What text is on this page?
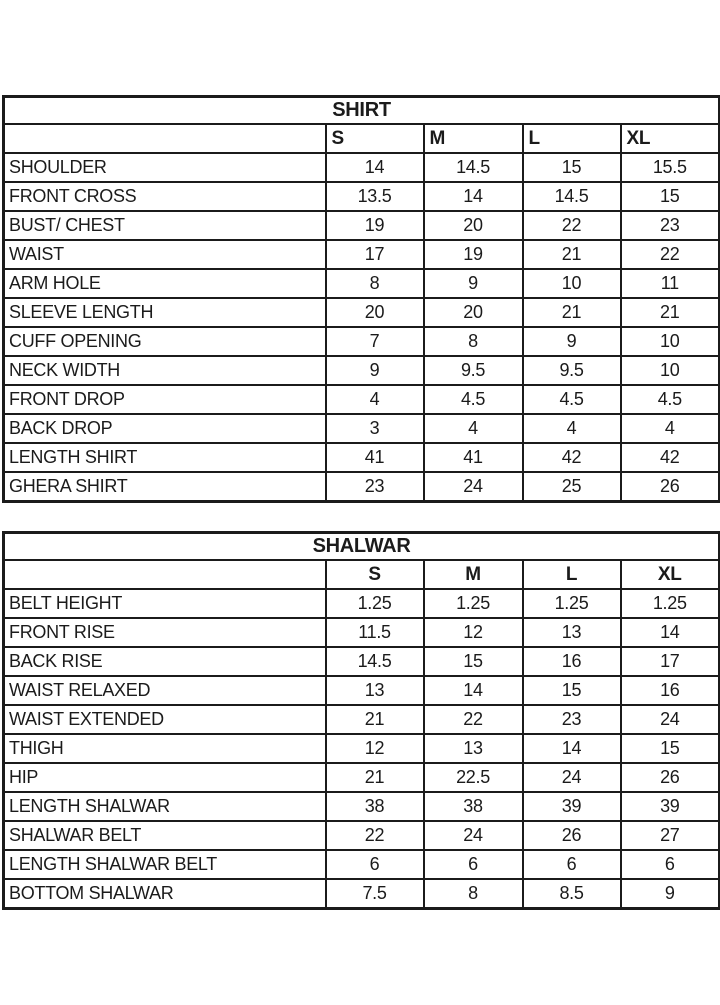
SHIRT				
	S	M	L	XL
SHOULDER	14	14.5	15	15.5
FRONT CROSS	13.5	14	14.5	15
BUST/ CHEST	19	20	22	23
WAIST	17	19	21	22
ARM HOLE	8	9	10	11
SLEEVE LENGTH	20	20	21	21
CUFF OPENING	7	8	9	10
NECK WIDTH	9	9.5	9.5	10
FRONT DROP	4	4.5	4.5	4.5
BACK DROP	3	4	4	4
LENGTH SHIRT	41	41	42	42
GHERA SHIRT	23	24	25	26
SHALWAR				
	S	M	L	XL
BELT HEIGHT	1.25	1.25	1.25	1.25
FRONT RISE	11.5	12	13	14
BACK RISE	14.5	15	16	17
WAIST RELAXED	13	14	15	16
WAIST EXTENDED	21	22	23	24
THIGH	12	13	14	15
HIP	21	22.5	24	26
LENGTH SHALWAR	38	38	39	39
SHALWAR BELT	22	24	26	27
LENGTH SHALWAR BELT	6	6	6	6
BOTTOM SHALWAR	7.5	8	8.5	9
